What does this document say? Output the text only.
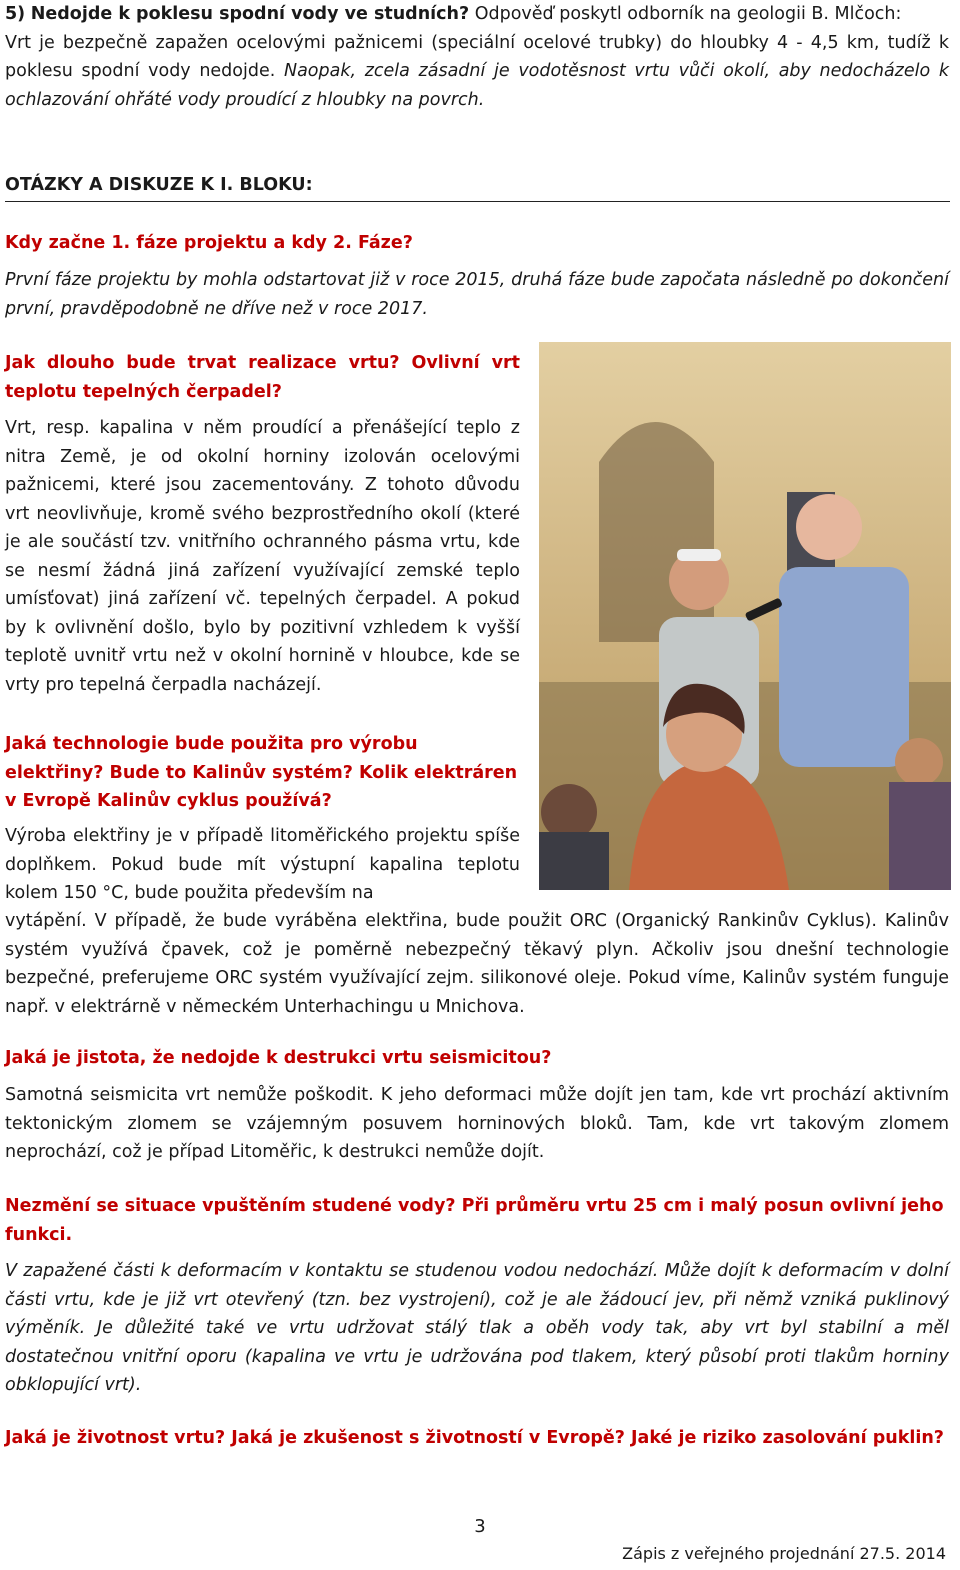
5) Nedojde k poklesu spodní vody ve studních? Odpověď poskytl odborník na geologii B. Mlčoch:
Vrt je bezpečně zapažen ocelovými pažnicemi (speciální ocelové trubky) do hloubky 4 - 4,5 km, tudíž k poklesu spodní vody nedojde. Naopak, zcela zásadní je vodotěsnost vrtu vůči okolí, aby nedocházelo k ochlazování ohřáté vody proudící z hloubky na povrch.

OTÁZKY A DISKUZE K I. BLOKU:
Kdy začne 1. fáze projektu a kdy 2. Fáze?

První fáze projektu by mohla odstartovat již v roce 2015, druhá fáze bude započata následně po dokončení první, pravděpodobně ne dříve než v roce 2017.

Jak dlouho bude trvat realizace vrtu? Ovlivní vrt teplotu tepelných čerpadel?

Vrt, resp. kapalina v něm proudící a přenášející teplo z nitra Země, je od okolní horniny izolován ocelovými pažnicemi, které jsou zacementovány. Z tohoto důvodu vrt neovlivňuje, kromě svého bezprostředního okolí (které je ale součástí tzv. vnitřního ochranného pásma vrtu, kde se nesmí žádná jiná zařízení využívající zemské teplo umísťovat) jiná zařízení vč. tepelných čerpadel. A pokud by k ovlivnění došlo, bylo by pozitivní vzhledem k vyšší teplotě uvnitř vrtu než v okolní hornině v hloubce, kde se vrty pro tepelná čerpadla nacházejí.

Jaká technologie bude použita pro výrobu elektřiny? Bude to Kalinův systém? Kolik elektráren v Evropě Kalinův cyklus používá?

Výroba elektřiny je v případě litoměřického projektu spíše doplňkem. Pokud bude mít výstupní kapalina teplotu kolem 150 °C, bude použita především na

vytápění. V případě, že bude vyráběna elektřina, bude použit ORC (Organický Rankinův Cyklus). Kalinův systém využívá čpavek, což je poměrně nebezpečný těkavý plyn. Ačkoliv jsou dnešní technologie bezpečné, preferujeme ORC systém využívající zejm. silikonové oleje. Pokud víme, Kalinův systém funguje např. v elektrárně v německém Unterhachingu u Mnichova.

Jaká je jistota, že nedojde k destrukci vrtu seismicitou?

Samotná seismicita vrt nemůže poškodit. K jeho deformaci může dojít jen tam, kde vrt prochází aktivním tektonickým zlomem se vzájemným posuvem horninových bloků. Tam, kde vrt takovým zlomem neprochází, což je případ Litoměřic, k destrukci nemůže dojít.

Nezmění se situace vpuštěním studené vody? Při průměru vrtu 25 cm i malý posun ovlivní jeho funkci.

V zapažené části k deformacím v kontaktu se studenou vodou nedochází. Může dojít k deformacím v dolní části vrtu, kde je již vrt otevřený (tzn. bez vystrojení), což je ale žádoucí jev, při němž vzniká puklinový výměník. Je důležité také ve vrtu udržovat stálý tlak a oběh vody tak, aby vrt byl stabilní a měl dostatečnou vnitřní oporu (kapalina ve vrtu je udržována pod tlakem, který působí proti tlakům horniny obklopující vrt).

Jaká je životnost vrtu? Jaká je zkušenost s životností v Evropě? Jaké je riziko zasolování puklin?
3
Zápis z veřejného projednání 27.5. 2014
